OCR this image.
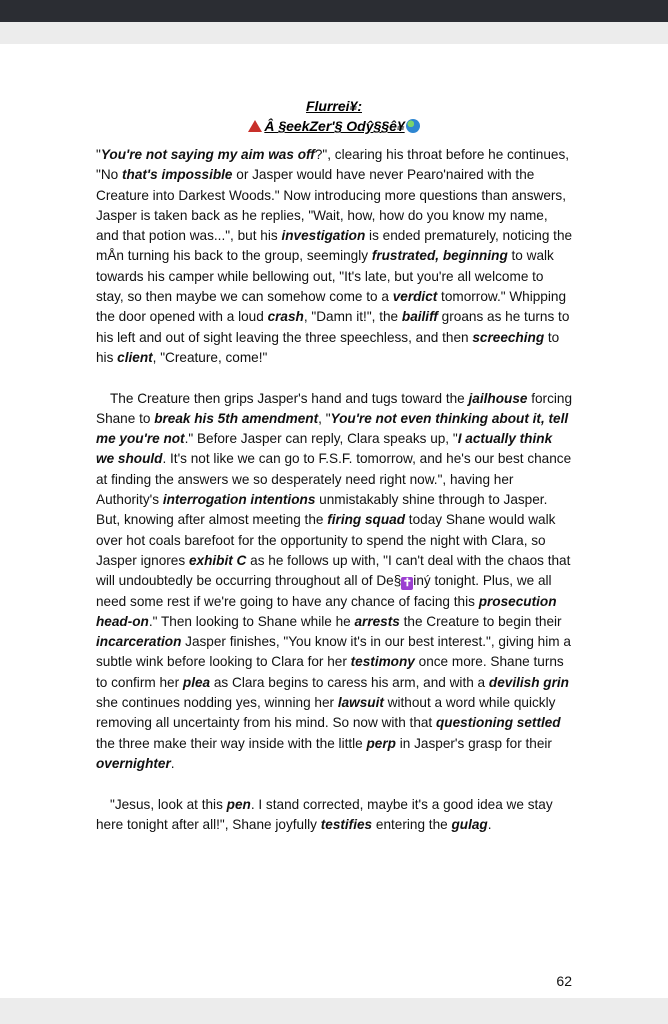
Flurrei¥:
Â §eekZer'§ Odŷ§§ê¥

"You're not saying my aim was off?", clearing his throat before he continues, "No that's impossible or Jasper would have never Pearo'naired with the Creature into Darkest Woods." Now introducing more questions than answers, Jasper is taken back as he replies, "Wait, how, how do you know my name, and that potion was...", but his investigation is ended prematurely, noticing the mÅn turning his back to the group, seemingly frustrated, beginning to walk towards his camper while bellowing out, "It's late, but you're all welcome to stay, so then maybe we can somehow come to a verdict tomorrow." Whipping the door opened with a loud crash, "Damn it!", the bailiff groans as he turns to his left and out of sight leaving the three speechless, and then screeching to his client, "Creature, come!"

The Creature then grips Jasper's hand and tugs toward the jailhouse forcing Shane to break his 5th amendment, "You're not even thinking about it, tell me you're not." Before Jasper can reply, Clara speaks up, "I actually think we should. It's not like we can go to F.S.F. tomorrow, and he's our best chance at finding the answers we so desperately need right now.", having her Authority's interrogation intentions unmistakably shine through to Jasper. But, knowing after almost meeting the firing squad today Shane would walk over hot coals barefoot for the opportunity to spend the night with Clara, so Jasper ignores exhibit C as he follows up with, "I can't deal with the chaos that will undoubtedly be occurring throughout all of De§✝iný tonight. Plus, we all need some rest if we're going to have any chance of facing this prosecution head-on." Then looking to Shane while he arrests the Creature to begin their incarceration Jasper finishes, "You know it's in our best interest.", giving him a subtle wink before looking to Clara for her testimony once more. Shane turns to confirm her plea as Clara begins to caress his arm, and with a devilish grin she continues nodding yes, winning her lawsuit without a word while quickly removing all uncertainty from his mind. So now with that questioning settled the three make their way inside with the little perp in Jasper's grasp for their overnighter.

"Jesus, look at this pen. I stand corrected, maybe it's a good idea we stay here tonight after all!", Shane joyfully testifies entering the gulag.

62
